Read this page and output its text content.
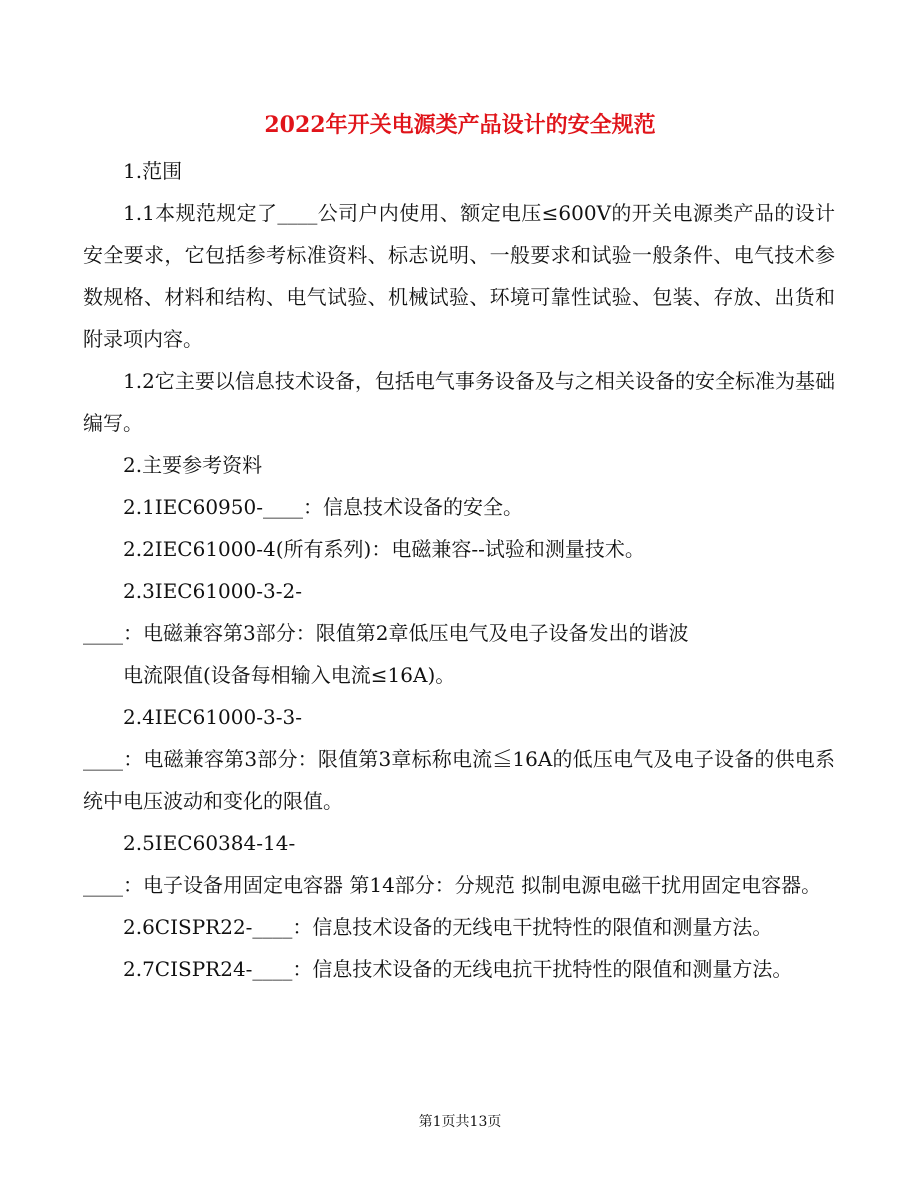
2022年开关电源类产品设计的安全规范

1.范围

1.1本规范规定了____公司户内使用、额定电压≤600V的开关电源类产品的设计安全要求，它包括参考标准资料、标志说明、一般要求和试验一般条件、电气技术参数规格、材料和结构、电气试验、机械试验、环境可靠性试验、包装、存放、出货和附录项内容。

1.2它主要以信息技术设备，包括电气事务设备及与之相关设备的安全标准为基础编写。

2.主要参考资料

2.1IEC60950-____：信息技术设备的安全。

2.2IEC61000-4(所有系列)：电磁兼容--试验和测量技术。

2.3IEC61000-3-2-

____：电磁兼容第3部分：限值第2章低压电气及电子设备发出的谐波

电流限值(设备每相输入电流≤16A)。

2.4IEC61000-3-3-

____：电磁兼容第3部分：限值第3章标称电流≦16A的低压电气及电子设备的供电系统中电压波动和变化的限值。

2.5IEC60384-14-

____：电子设备用固定电容器 第14部分：分规范 拟制电源电磁干扰用固定电容器。

2.6CISPR22-____：信息技术设备的无线电干扰特性的限值和测量方法。

2.7CISPR24-____：信息技术设备的无线电抗干扰特性的限值和测量方法。

第1页共13页
